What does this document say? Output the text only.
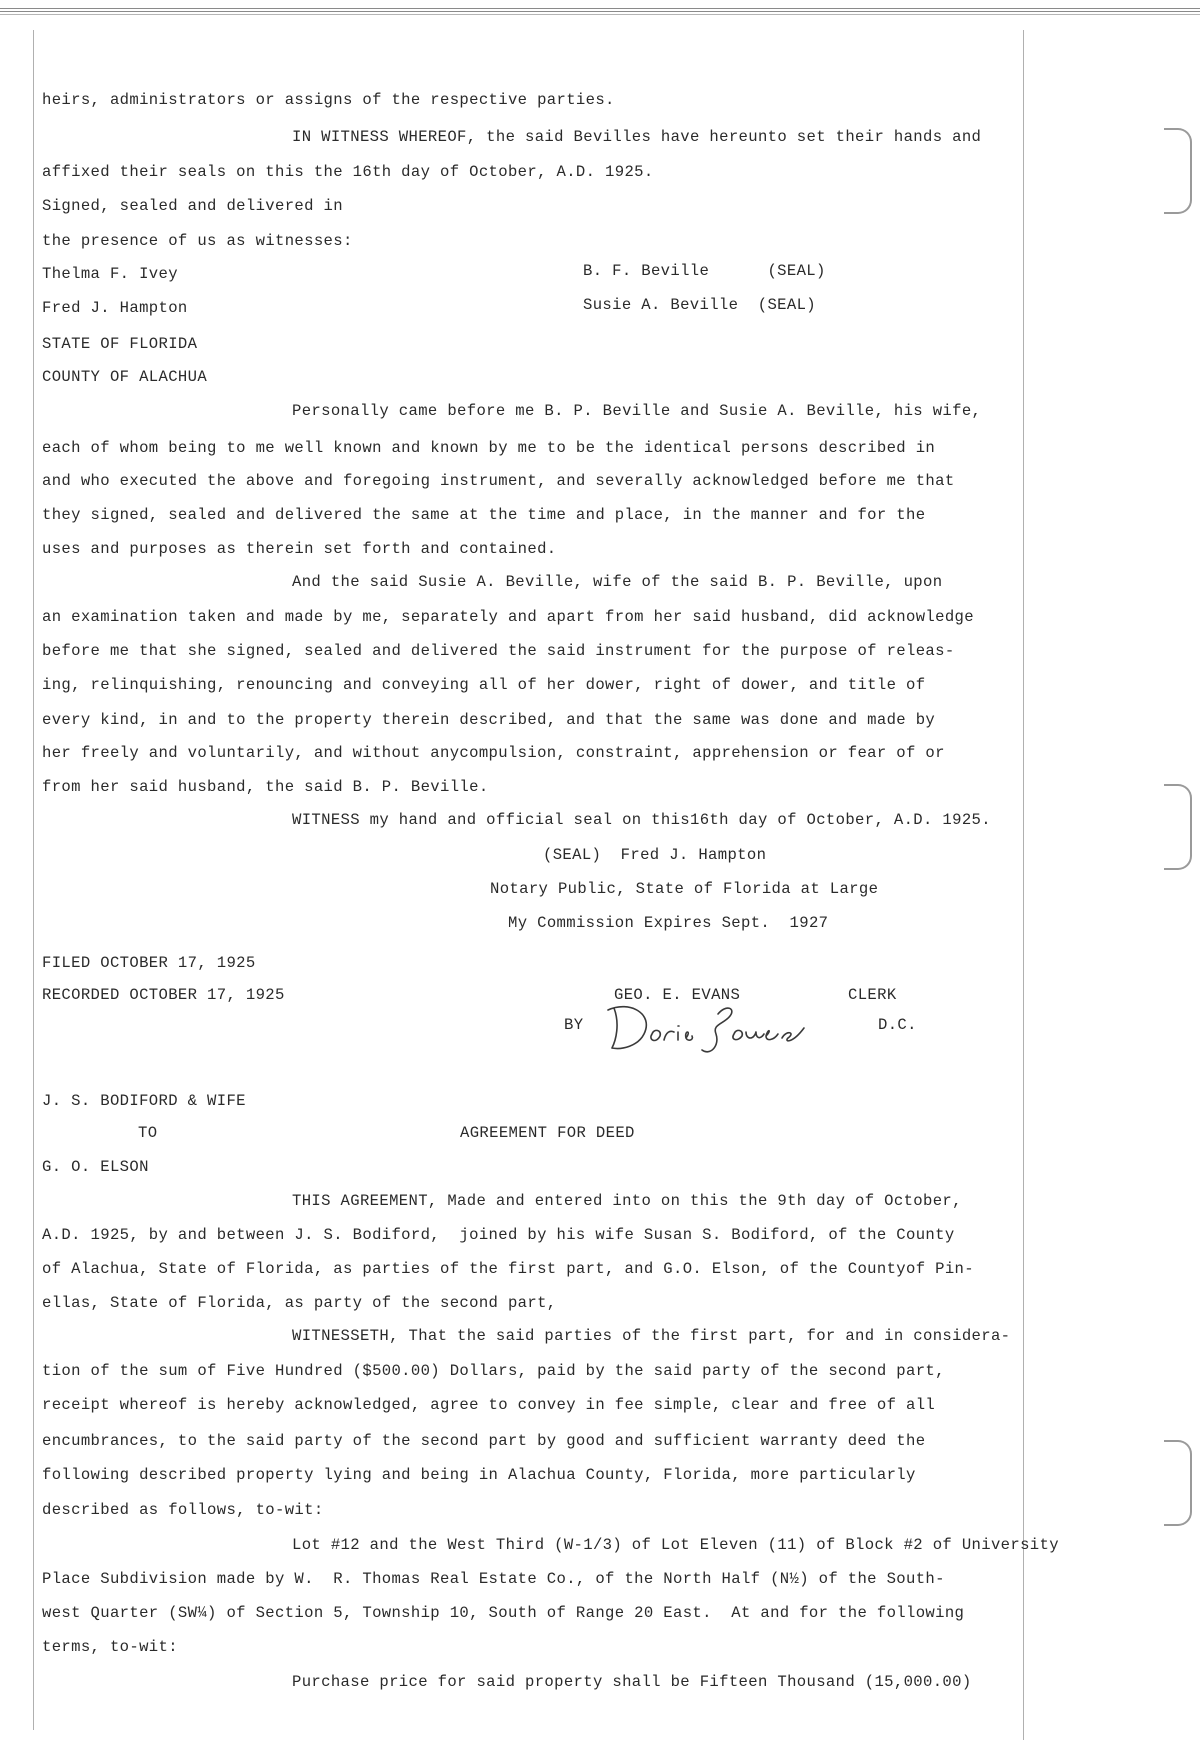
heirs, administrators or assigns of the respective parties.
IN WITNESS WHEREOF, the said Bevilles have hereunto set their hands and
affixed their seals on this the 16th day of October, A.D. 1925.
Signed, sealed and delivered in
the presence of us as witnesses:
Thelma F. Ivey	B. F. Beville      (SEAL)
Fred J. Hampton	Susie A. Beville  (SEAL)
STATE OF FLORIDA
COUNTY OF ALACHUA
Personally came before me B. P. Beville and Susie A. Beville, his wife,
each of whom being to me well known and known by me to be the identical persons described in
and who executed the above and foregoing instrument, and severally acknowledged before me that
they signed, sealed and delivered the same at the time and place, in the manner and for the
uses and purposes as therein set forth and contained.
And the said Susie A. Beville, wife of the said B. P. Beville, upon
an examination taken and made by me, separately and apart from her said husband, did acknowledge
before me that she signed, sealed and delivered the said instrument for the purpose of releas-
ing, relinquishing, renouncing and conveying all of her dower, right of dower, and title of
every kind, in and to the property therein described, and that the same was done and made by
her freely and voluntarily, and without anycompulsion, constraint, apprehension or fear of or
from her said husband, the said B. P. Beville.
WITNESS my hand and official seal on this16th day of October, A.D. 1925.
(SEAL)  Fred J. Hampton
Notary Public, State of Florida at Large
My Commission Expires Sept.  1927
FILED OCTOBER 17, 1925
RECORDED OCTOBER 17, 1925	GEO. E. EVANS	CLERK
BY	D.C.
J. S. BODIFORD & WIFE
TO	AGREEMENT FOR DEED
G. O. ELSON
THIS AGREEMENT, Made and entered into on this the 9th day of October,
A.D. 1925, by and between J. S. Bodiford,  joined by his wife Susan S. Bodiford, of the County
of Alachua, State of Florida, as parties of the first part, and G.O. Elson, of the Countyof Pin-
ellas, State of Florida, as party of the second part,
WITNESSETH, That the said parties of the first part, for and in considera-
tion of the sum of Five Hundred ($500.00) Dollars, paid by the said party of the second part,
receipt whereof is hereby acknowledged, agree to convey in fee simple, clear and free of all
encumbrances, to the said party of the second part by good and sufficient warranty deed the
following described property lying and being in Alachua County, Florida, more particularly
described as follows, to-wit:
Lot #12 and the West Third (W-1/3) of Lot Eleven (11) of Block #2 of University
Place Subdivision made by W.  R. Thomas Real Estate Co., of the North Half (N½) of the South-
west Quarter (SW¼) of Section 5, Township 10, South of Range 20 East.  At and for the following
terms, to-wit:
Purchase price for said property shall be Fifteen Thousand (15,000.00)
